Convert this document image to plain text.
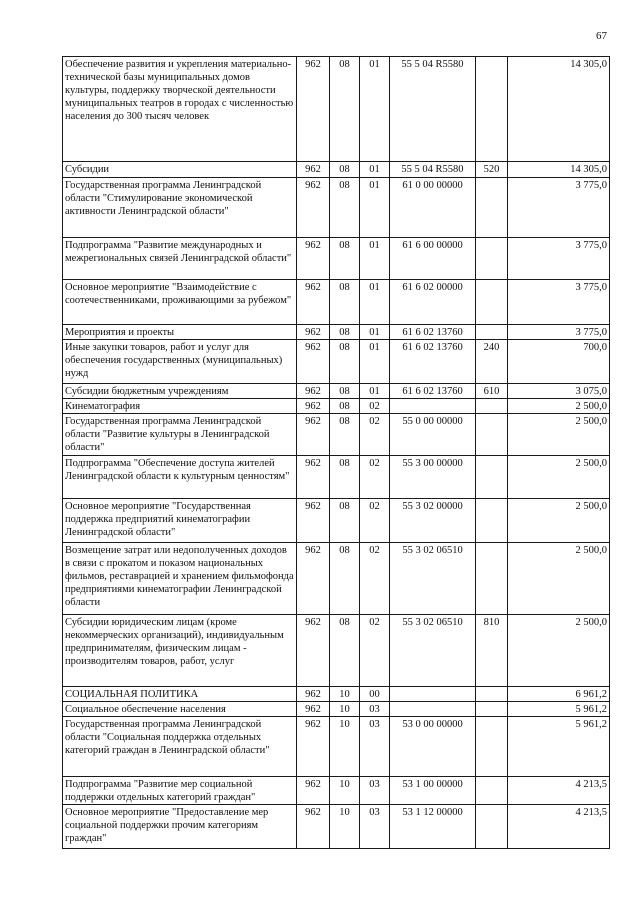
67
Обеспечение развития и укрепления материально-технической базы муниципальных домов культуры, поддержку творческой деятельности муниципальных театров в городах с численностью населения до 300 тысяч человек	962	08	01	55 5 04 R5580		14 305,0
Субсидии	962	08	01	55 5 04 R5580	520	14 305,0
Государственная программа Ленинградской области "Стимулирование экономической активности Ленинградской области"	962	08	01	61 0 00 00000		3 775,0
Подпрограмма "Развитие международных и межрегиональных связей Ленинградской области"	962	08	01	61 6 00 00000		3 775,0
Основное мероприятие "Взаимодействие с соотечественниками, проживающими за рубежом"	962	08	01	61 6 02 00000		3 775,0
Мероприятия и проекты	962	08	01	61 6 02 13760		3 775,0
Иные закупки товаров, работ и услуг для обеспечения государственных (муниципальных) нужд	962	08	01	61 6 02 13760	240	700,0
Субсидии бюджетным учреждениям	962	08	01	61 6 02 13760	610	3 075,0
Кинематография	962	08	02			2 500,0
Государственная программа Ленинградской области "Развитие культуры в Ленинградской области"	962	08	02	55 0 00 00000		2 500,0
Подпрограмма "Обеспечение доступа жителей Ленинградской области к культурным ценностям"	962	08	02	55 3 00 00000		2 500,0
Основное мероприятие "Государственная поддержка предприятий кинематографии Ленинградской области"	962	08	02	55 3 02 00000		2 500,0
Возмещение затрат или недополученных доходов в связи с прокатом и показом национальных фильмов, реставрацией и хранением фильмофонда предприятиями кинематографии Ленинградской области	962	08	02	55 3 02 06510		2 500,0
Субсидии юридическим лицам (кроме некоммерческих организаций), индивидуальным предпринимателям, физическим лицам - производителям товаров, работ, услуг	962	08	02	55 3 02 06510	810	2 500,0
СОЦИАЛЬНАЯ ПОЛИТИКА	962	10	00			6 961,2
Социальное обеспечение населения	962	10	03			5 961,2
Государственная программа Ленинградской области "Социальная поддержка отдельных категорий граждан в Ленинградской области"	962	10	03	53 0 00 00000		5 961,2
Подпрограмма "Развитие мер социальной поддержки отдельных категорий граждан"	962	10	03	53 1 00 00000		4 213,5
Основное мероприятие "Предоставление мер социальной поддержки прочим категориям граждан"	962	10	03	53 1 12 00000		4 213,5
